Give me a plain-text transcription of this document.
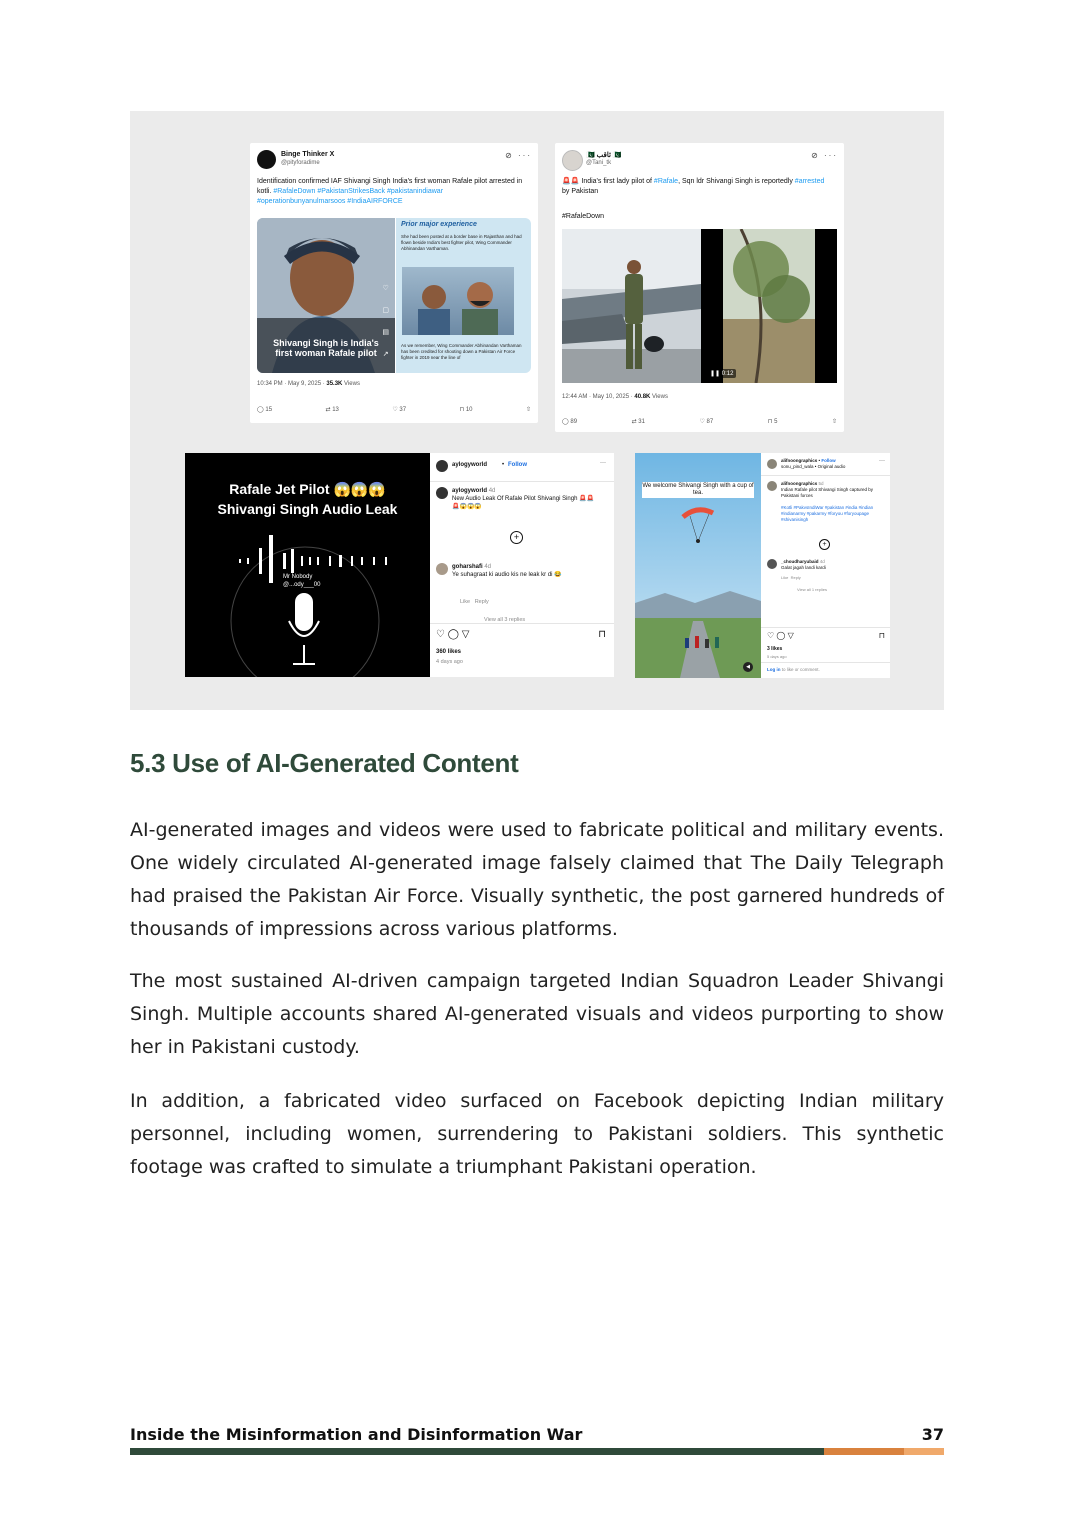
Binge Thinker X
@pityforadime
⊘ ···
Identification confirmed IAF Shivangi Singh India's first woman Rafale pilot arrested in kotli. #RafaleDown #PakistanStrikesBack #pakistanindiawar #operationbunyanulmarsoos #IndiaAIRFORCE
Shivangi Singh is India's first woman Rafale pilot
♡
▢
▤
↗
Prior major experience
She had been posted at a border base in Rajasthan and had flown beside India's best fighter pilot, Wing Commander Abhinandan Varthaman.
As we remember, Wing Commander Abhinandan Varthaman has been credited for shooting down a Pakistan Air Force fighter in 2019 near the line of
10:34 PM · May 9, 2025 · 35.3K Views
◯ 15	⇄ 13	♡ 37	⊓ 10	⇧
🇵🇰 ثاقب 🇵🇰
@Tani_tk
⊘ ···
🚨🚨 India's first lady pilot of #Rafale, Sqn ldr Shivangi Singh is reportedly #arrested by Pakistan
#RafaleDown
❚❚ 0:12
12:44 AM · May 10, 2025 · 40.8K Views
◯ 89	⇄ 31	♡ 87	⊓ 5	⇧
Rafale Jet Pilot 😱😱😱
Shivangi Singh Audio Leak
Mr Nobody
@...ody___00
aylogyworld • Follow	···
aylogyworld 4d
New Audio Leak Of Rafale Pilot Shivangi Singh 🚨🚨🚨😱😱😱
+
goharshafi 4d
Ye suhagraat ki audio kis ne leak kr di 😂
Like Reply
View all 3 replies
♡ ◯ ▽	⊓
360 likes
4 days ago
We welcome Shivangi Singh with a cup of tea.
◀
alifnoongraphics • Follow
sonu_pind_wala • Original audio
···
alifnoongraphics 5d
Indian Rafale pilot Shivangi Singh captured by Pakistani forces

#Kotli #PakvsIndiWar #pakistan #india #indian #indianarmy #pakarmy #foryou #foryoupage #shivanisingh
+
_choudharyubaid 4d
Galat jagah landi kardi
Like Reply
View all 1 replies
♡ ◯ ▽	⊓
3 likes
5 days ago
Log in to like or comment.
5.3 Use of AI-Generated Content

AI-generated images and videos were used to fabricate political and military events. One widely circulated AI-generated image falsely claimed that The Daily Telegraph had praised the Pakistan Air Force. Visually synthetic, the post garnered hundreds of thousands of impressions across various platforms.

The most sustained AI-driven campaign targeted Indian Squadron Leader Shivangi Singh. Multiple accounts shared AI-generated visuals and videos purporting to show her in Pakistani custody.

In addition, a fabricated video surfaced on Facebook depicting Indian military personnel, including women, surrendering to Pakistani soldiers. This synthetic footage was crafted to simulate a triumphant Pakistani operation.

Inside the Misinformation and Disinformation War	37
